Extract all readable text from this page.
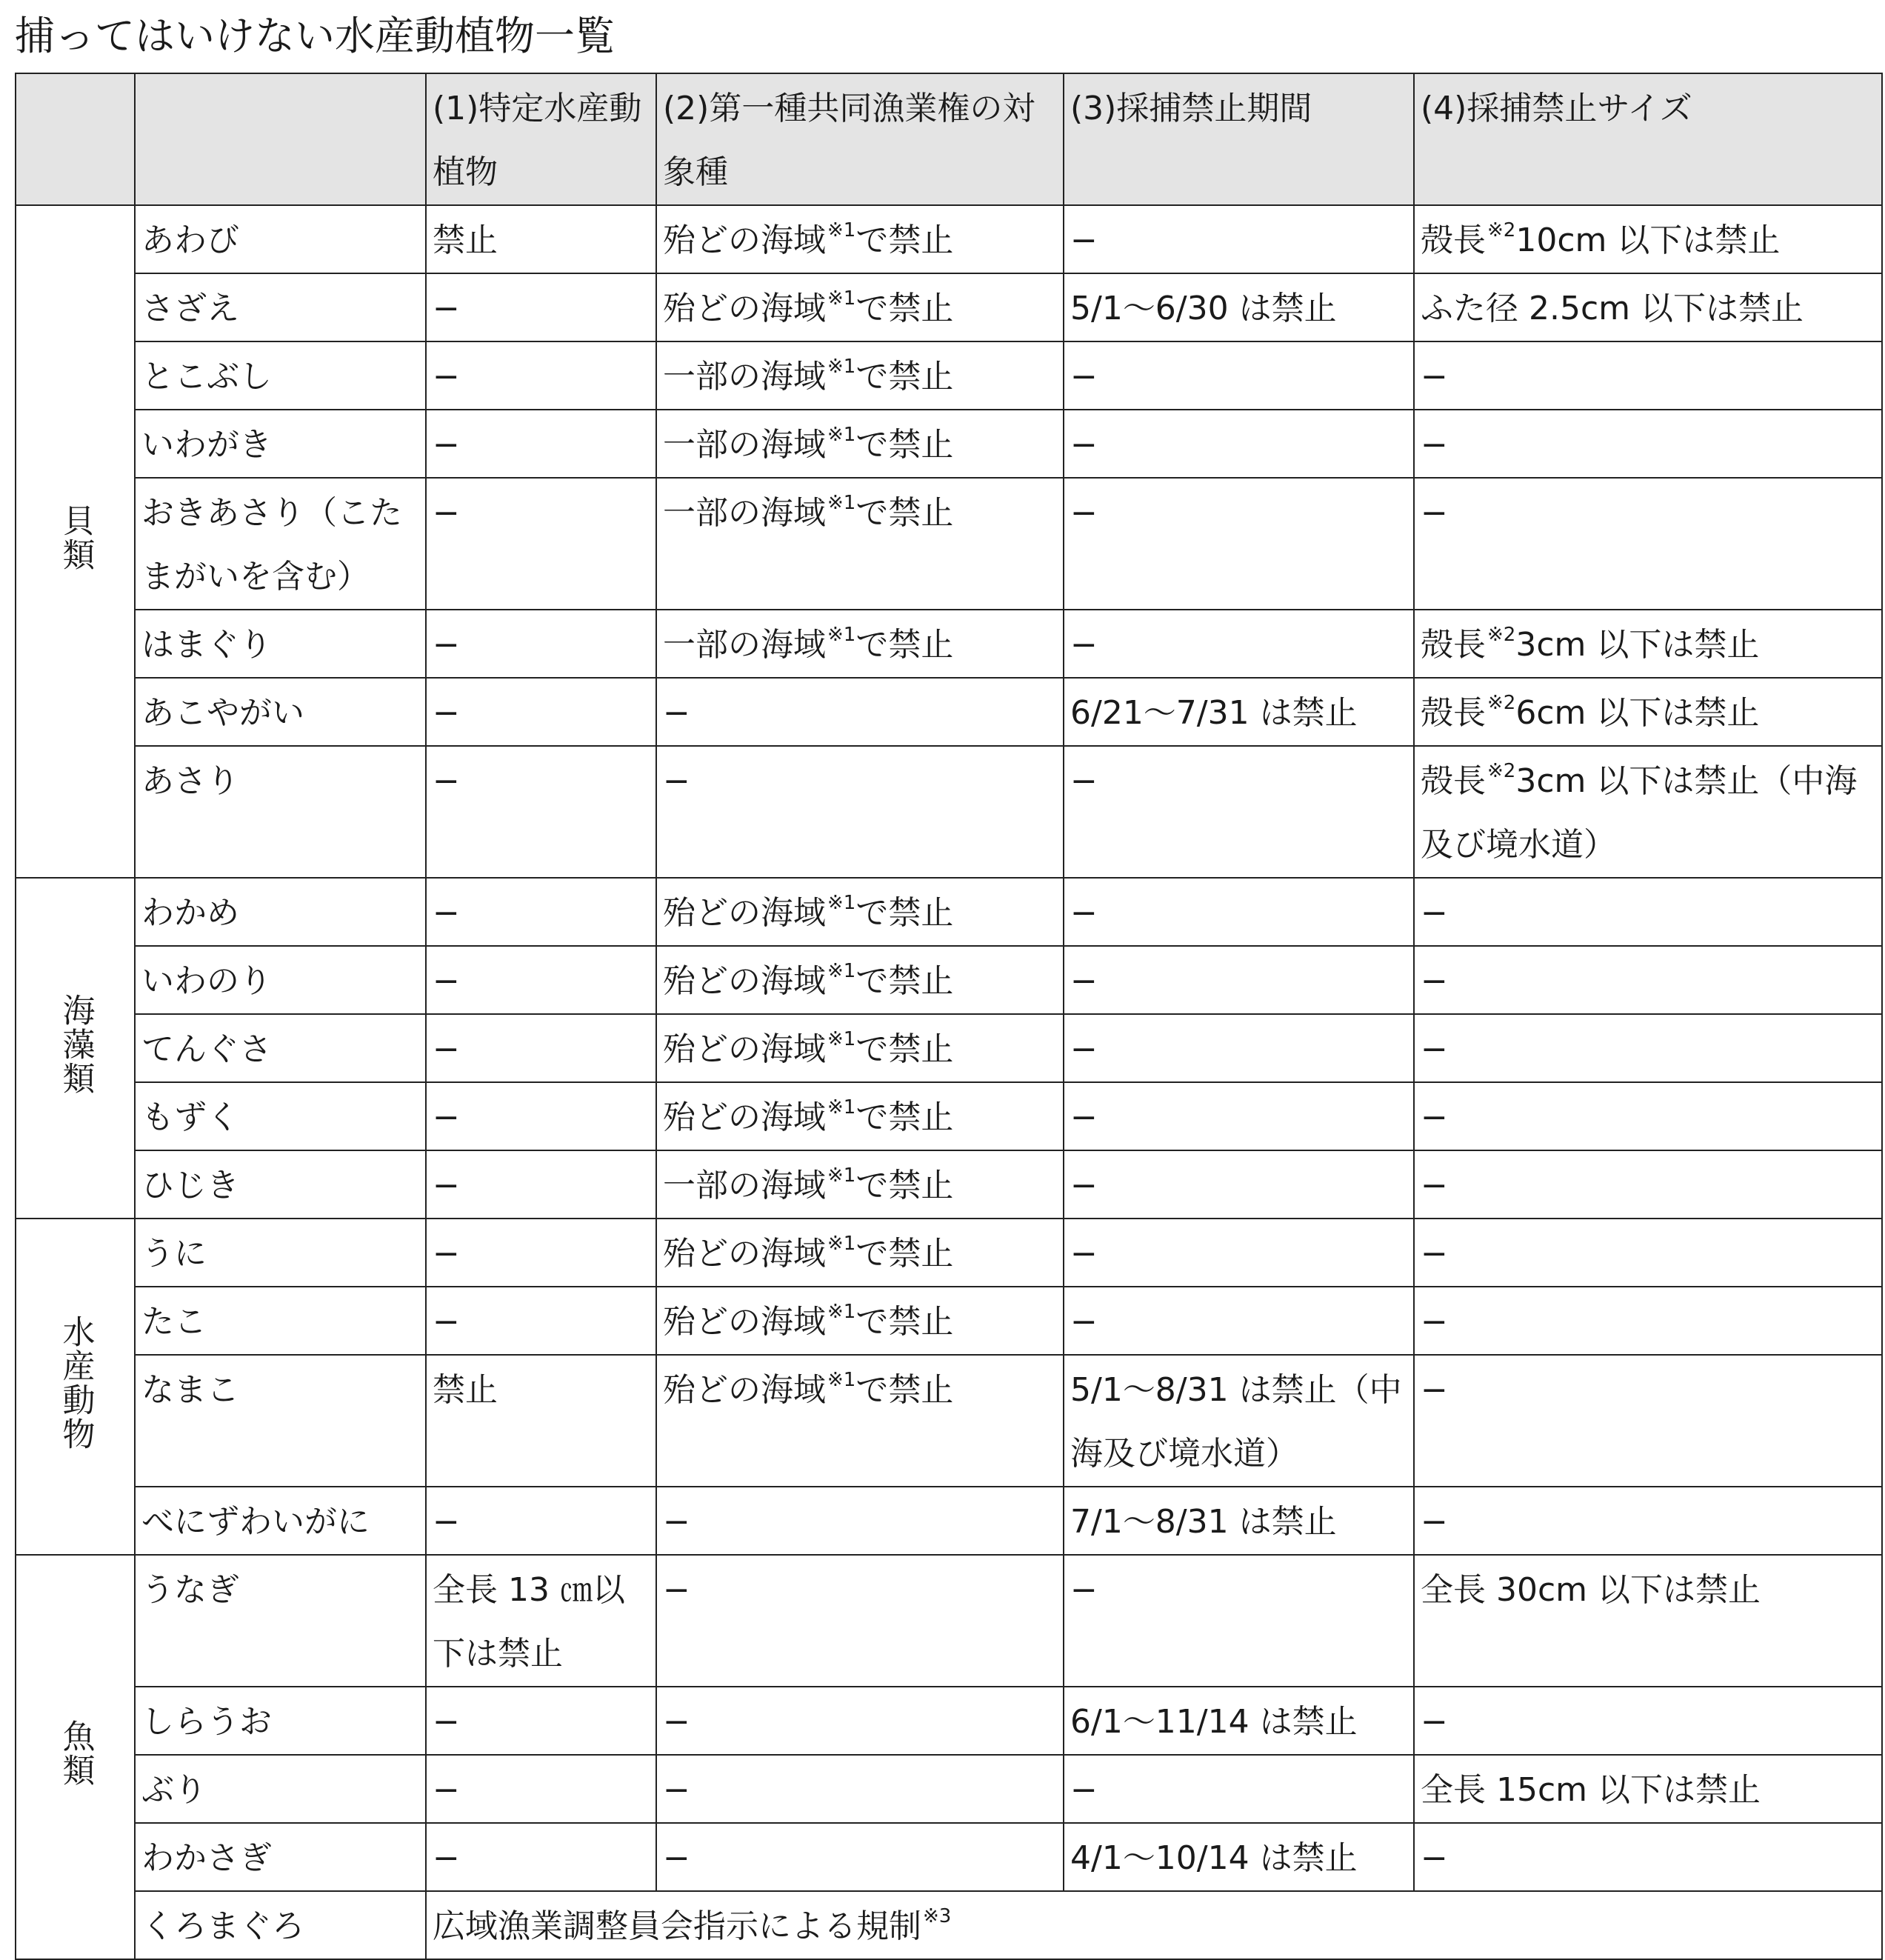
捕ってはいけない水産動植物一覧
		(1)特定水産動植物	(2)第一種共同漁業権の対象種	(3)採捕禁止期間	(4)採捕禁止サイズ
貝類	あわび	禁止	殆どの海域$^{※1}$で禁止	−	殻長$^{※2}$10cm 以下は禁止
	さざえ	−	殆どの海域$^{※1}$で禁止	5/1〜6/30 は禁止	ふた径 2.5cm 以下は禁止
	とこぶし	−	一部の海域$^{※1}$で禁止	−	−
	いわがき	−	一部の海域$^{※1}$で禁止	−	−
	おきあさり（こたまがいを含む）	−	一部の海域$^{※1}$で禁止	−	−
	はまぐり	−	一部の海域$^{※1}$で禁止	−	殻長$^{※2}$3cm 以下は禁止
	あこやがい	−	−	6/21〜7/31 は禁止	殻長$^{※2}$6cm 以下は禁止
	あさり	−	−	−	殻長$^{※2}$3cm 以下は禁止（中海及び境水道）
海藻類	わかめ	−	殆どの海域$^{※1}$で禁止	−	−
	いわのり	−	殆どの海域$^{※1}$で禁止	−	−
	てんぐさ	−	殆どの海域$^{※1}$で禁止	−	−
	もずく	−	殆どの海域$^{※1}$で禁止	−	−
	ひじき	−	一部の海域$^{※1}$で禁止	−	−
水産動物	うに	−	殆どの海域$^{※1}$で禁止	−	−
	たこ	−	殆どの海域$^{※1}$で禁止	−	−
	なまこ	禁止	殆どの海域$^{※1}$で禁止	5/1〜8/31 は禁止（中海及び境水道）	−
	べにずわいがに	−	−	7/1〜8/31 は禁止	−
魚類	うなぎ	全長 13 ㎝以下は禁止	−	−	全長 30cm 以下は禁止
	しらうお	−	−	6/1〜11/14 は禁止	−
	ぶり	−	−	−	全長 15cm 以下は禁止
	わかさぎ	−	−	4/1〜10/14 は禁止	−
	くろまぐろ	広域漁業調整員会指示による規制$^{※3}$
